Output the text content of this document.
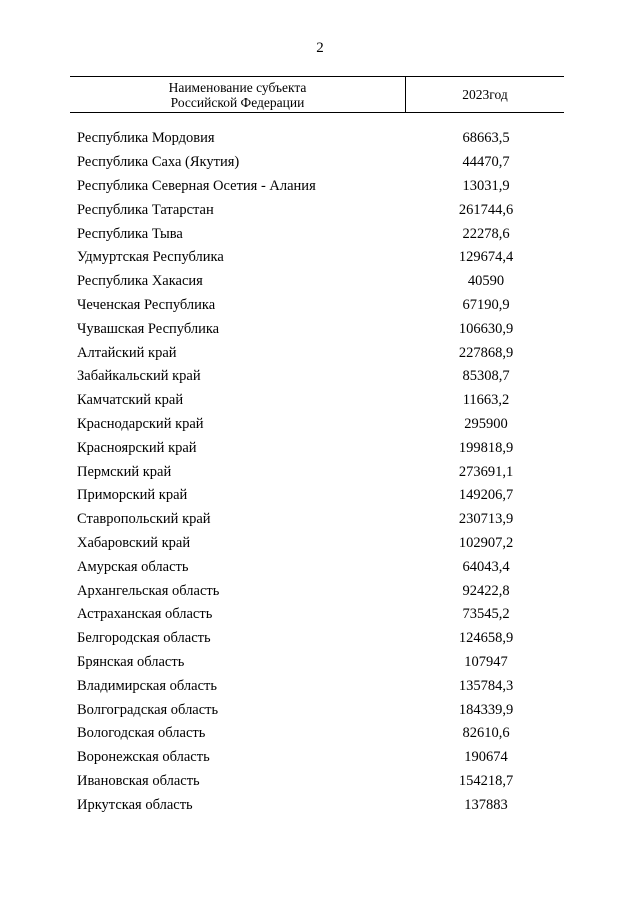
2
Наименование субъекта
Российской Федерации
2023год
Республика Мордовия	68663,5
Республика Саха (Якутия)	44470,7
Республика Северная Осетия - Алания	13031,9
Республика Татарстан	261744,6
Республика Тыва	22278,6
Удмуртская Республика	129674,4
Республика Хакасия	40590
Чеченская Республика	67190,9
Чувашская Республика	106630,9
Алтайский край	227868,9
Забайкальский край	85308,7
Камчатский край	11663,2
Краснодарский край	295900
Красноярский край	199818,9
Пермский край	273691,1
Приморский край	149206,7
Ставропольский край	230713,9
Хабаровский край	102907,2
Амурская область	64043,4
Архангельская область	92422,8
Астраханская область	73545,2
Белгородская область	124658,9
Брянская область	107947
Владимирская область	135784,3
Волгоградская область	184339,9
Вологодская область	82610,6
Воронежская область	190674
Ивановская область	154218,7
Иркутская область	137883
